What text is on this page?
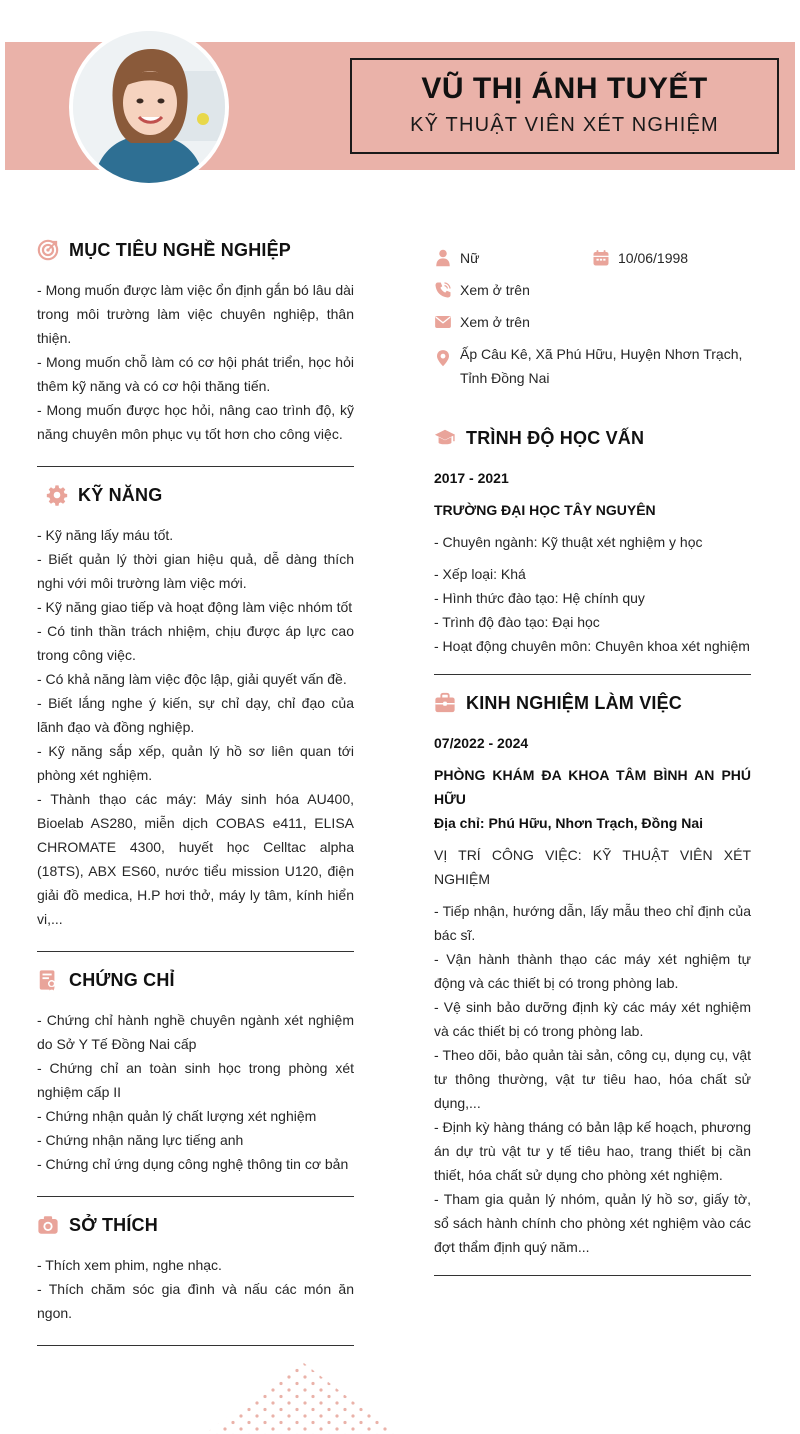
VŨ THỊ ÁNH TUYẾT
KỸ THUẬT VIÊN XÉT NGHIỆM
MỤC TIÊU NGHỀ NGHIỆP

- Mong muốn được làm việc ổn định gắn bó lâu dài trong môi trường làm việc chuyên nghiệp, thân thiện.

- Mong muốn chỗ làm có cơ hội phát triển, học hỏi thêm kỹ năng và có cơ hội thăng tiến.

- Mong muốn được học hỏi, nâng cao trình độ, kỹ năng chuyên môn phục vụ tốt hơn cho công việc.

KỸ NĂNG

- Kỹ năng lấy máu tốt.

- Biết quản lý thời gian hiệu quả, dễ dàng thích nghi với môi trường làm việc mới.

- Kỹ năng giao tiếp và hoạt động làm việc nhóm tốt

- Có tinh thần trách nhiệm, chịu được áp lực cao trong công việc.

- Có khả năng làm việc độc lập, giải quyết vấn đề.

- Biết lắng nghe ý kiến, sự chỉ dạy, chỉ đạo của lãnh đạo và đồng nghiệp.

- Kỹ năng sắp xếp, quản lý hồ sơ liên quan tới phòng xét nghiệm.

- Thành thạo các máy: Máy sinh hóa AU400, Bioelab AS280, miễn dịch COBAS e411, ELISA CHROMATE 4300, huyết học Celltac alpha (18TS), ABX ES60, nước tiểu mission U120, điện giải đồ medica, H.P hơi thở, máy ly tâm, kính hiển vi,...

CHỨNG CHỈ

- Chứng chỉ hành nghề chuyên ngành xét nghiệm do Sở Y Tế Đồng Nai cấp

- Chứng chỉ an toàn sinh học trong phòng xét nghiệm cấp II

- Chứng nhận quản lý chất lượng xét nghiệm

- Chứng nhận năng lực tiếng anh

- Chứng chỉ ứng dụng công nghệ thông tin cơ bản

SỞ THÍCH

- Thích xem phim, nghe nhạc.

- Thích chăm sóc gia đình và nấu các món ăn ngon.

Nữ	10/06/1998
Xem ở trên
Xem ở trên
Ấp Câu Kê, Xã Phú Hữu, Huyện Nhơn Trạch, Tỉnh Đồng Nai
TRÌNH ĐỘ HỌC VẤN
2017 - 2021
TRƯỜNG ĐẠI HỌC TÂY NGUYÊN
- Chuyên ngành: Kỹ thuật xét nghiệm y học

- Xếp loại: Khá

- Hình thức đào tạo: Hệ chính quy

- Trình độ đào tạo: Đại học

- Hoạt động chuyên môn: Chuyên khoa xét nghiệm

KINH NGHIỆM LÀM VIỆC
07/2022 - 2024
PHÒNG KHÁM ĐA KHOA TÂM BÌNH AN PHÚ HỮU
Địa chỉ: Phú Hữu, Nhơn Trạch, Đồng Nai
VỊ TRÍ CÔNG VIỆC: KỸ THUẬT VIÊN XÉT NGHIỆM

- Tiếp nhận, hướng dẫn, lấy mẫu theo chỉ định của bác sĩ.

- Vận hành thành thạo các máy xét nghiệm tự động và các thiết bị có trong phòng lab.

- Vệ sinh bảo dưỡng định kỳ các máy xét nghiệm và các thiết bị có trong phòng lab.

- Theo dõi, bảo quản tài sản, công cụ, dụng cụ, vật tư thông thường, vật tư tiêu hao, hóa chất sử dụng,...

- Định kỳ hàng tháng có bản lập kế hoạch, phương án dự trù vật tư y tế tiêu hao, trang thiết bị cần thiết, hóa chất sử dụng cho phòng xét nghiệm.

- Tham gia quản lý nhóm, quản lý hồ sơ, giấy tờ, sổ sách hành chính cho phòng xét nghiệm vào các đợt thẩm định quý năm...
